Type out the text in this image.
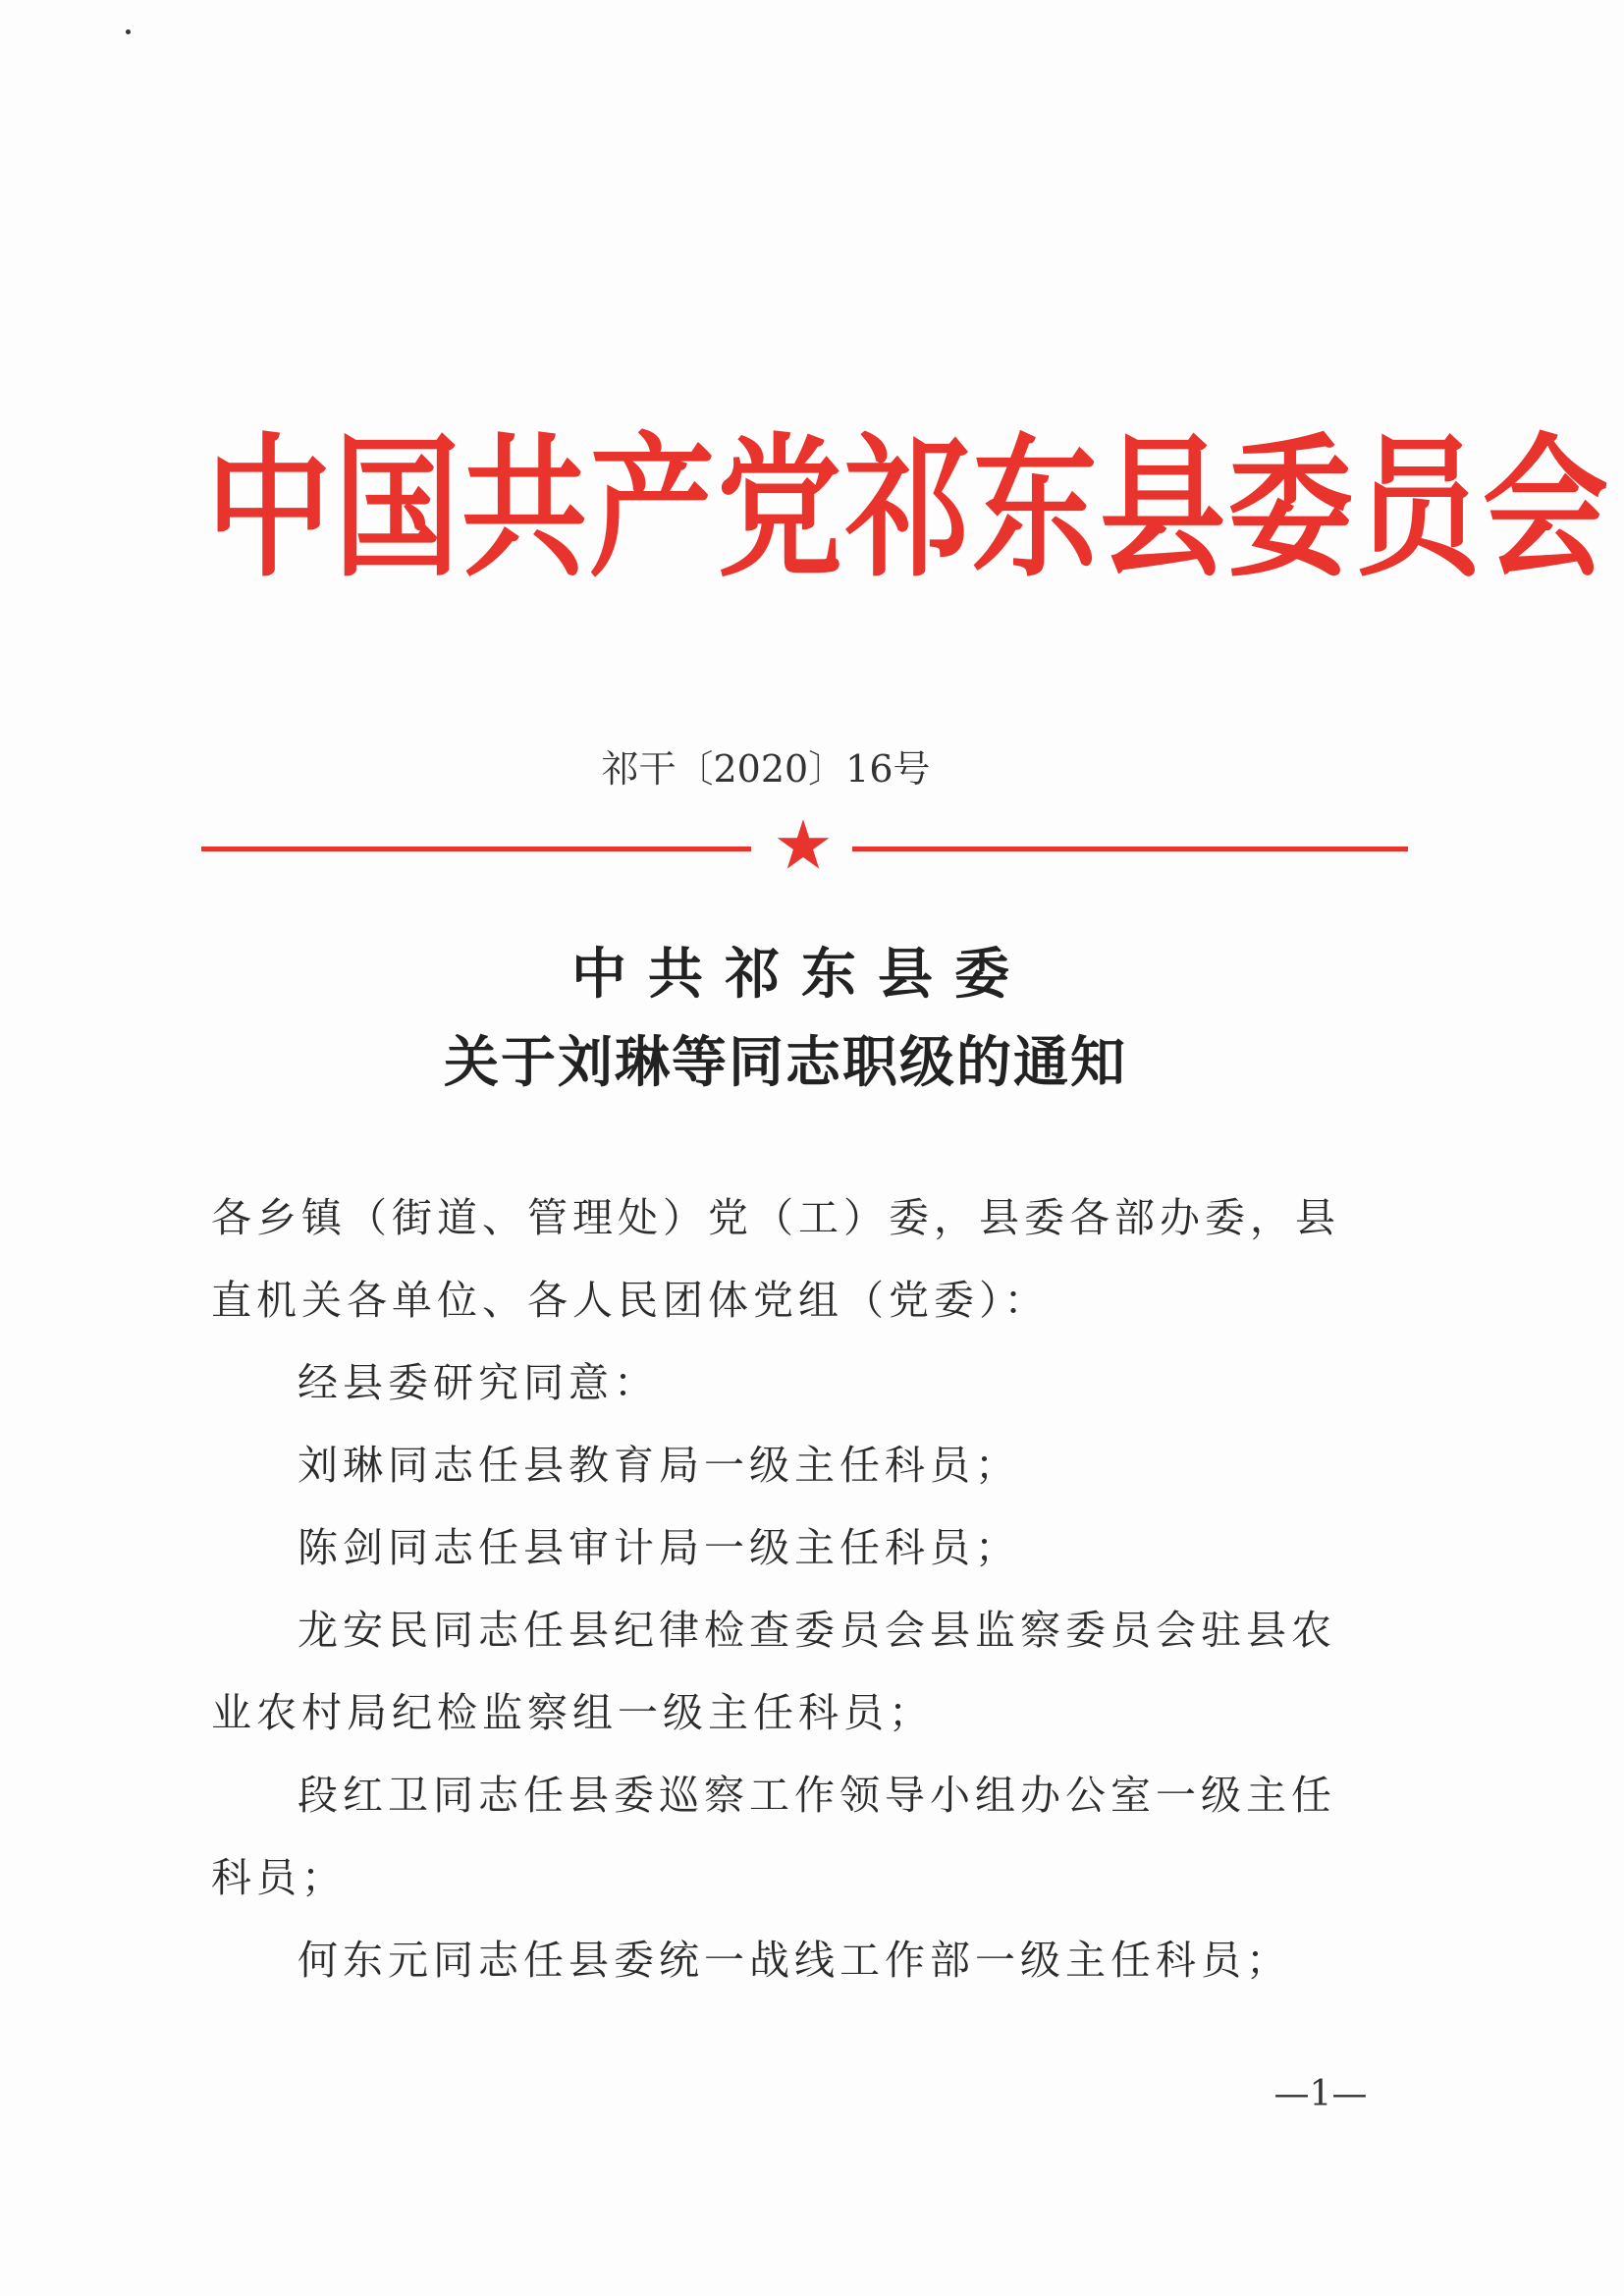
中国共产党祁东县委员会
祁干〔2020〕16号
中共祁东县委
关于刘琳等同志职级的通知

各乡镇（街道、管理处）党（工）委，县委各部办委，县直机关各单位、各人民团体党组（党委）：

经县委研究同意：

刘琳同志任县教育局一级主任科员；

陈剑同志任县审计局一级主任科员；

龙安民同志任县纪律检查委员会县监察委员会驻县农业农村局纪检监察组一级主任科员；

段红卫同志任县委巡察工作领导小组办公室一级主任科员；

何东元同志任县委统一战线工作部一级主任科员；

—1—
